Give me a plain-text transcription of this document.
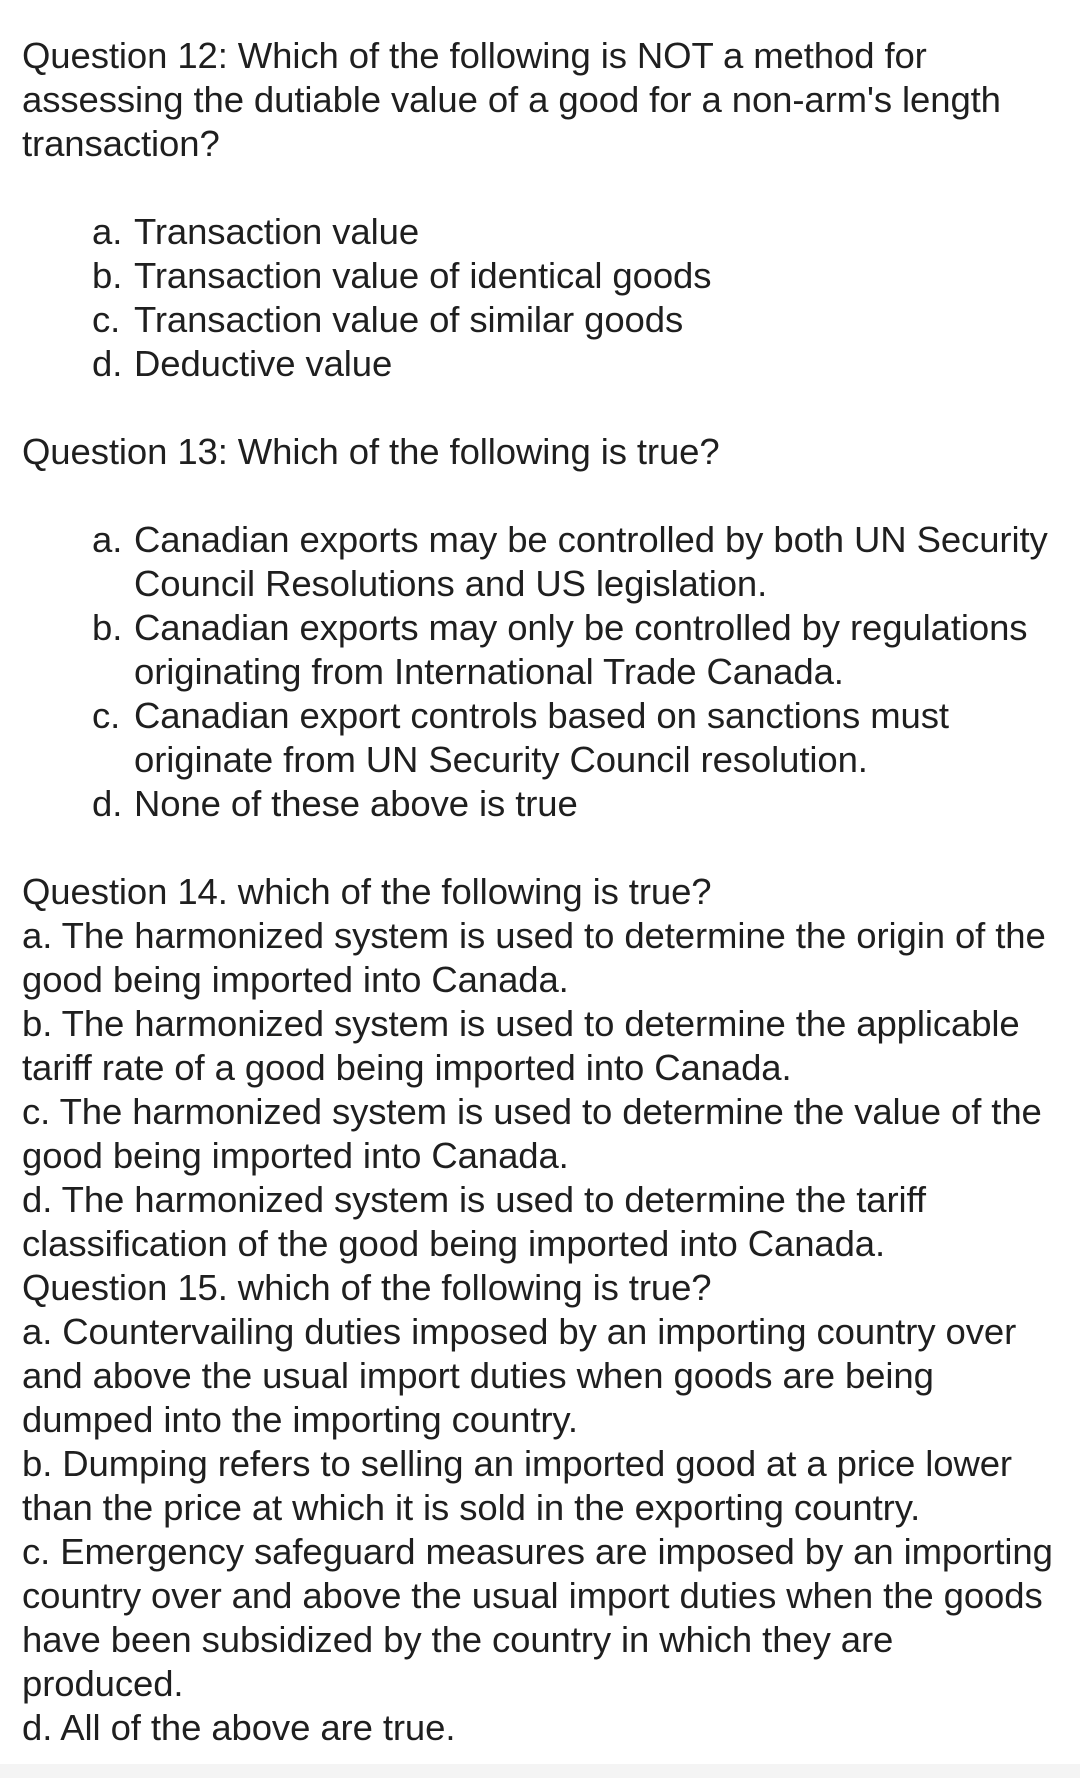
Question 12: Which of the following is NOT a method for assessing the dutiable value of a good for a non-arm's length transaction?

a. Transaction value
b. Transaction value of identical goods
c. Transaction value of similar goods
d. Deductive value

Question 13: Which of the following is true?

a. Canadian exports may be controlled by both UN Security Council Resolutions and US legislation.
b. Canadian exports may only be controlled by regulations originating from International Trade Canada.
c. Canadian export controls based on sanctions must originate from UN Security Council resolution.
d. None of these above is true

Question 14. which of the following is true?

a. The harmonized system is used to determine the origin of the good being imported into Canada.

b. The harmonized system is used to determine the applicable tariff rate of a good being imported into Canada.

c. The harmonized system is used to determine the value of the good being imported into Canada.

d. The harmonized system is used to determine the tariff classification of the good being imported into Canada.

Question 15. which of the following is true?

a. Countervailing duties imposed by an importing country over and above the usual import duties when goods are being dumped into the importing country.

b. Dumping refers to selling an imported good at a price lower than the price at which it is sold in the exporting country.

c. Emergency safeguard measures are imposed by an importing country over and above the usual import duties when the goods have been subsidized by the country in which they are produced.

d. All of the above are true.
